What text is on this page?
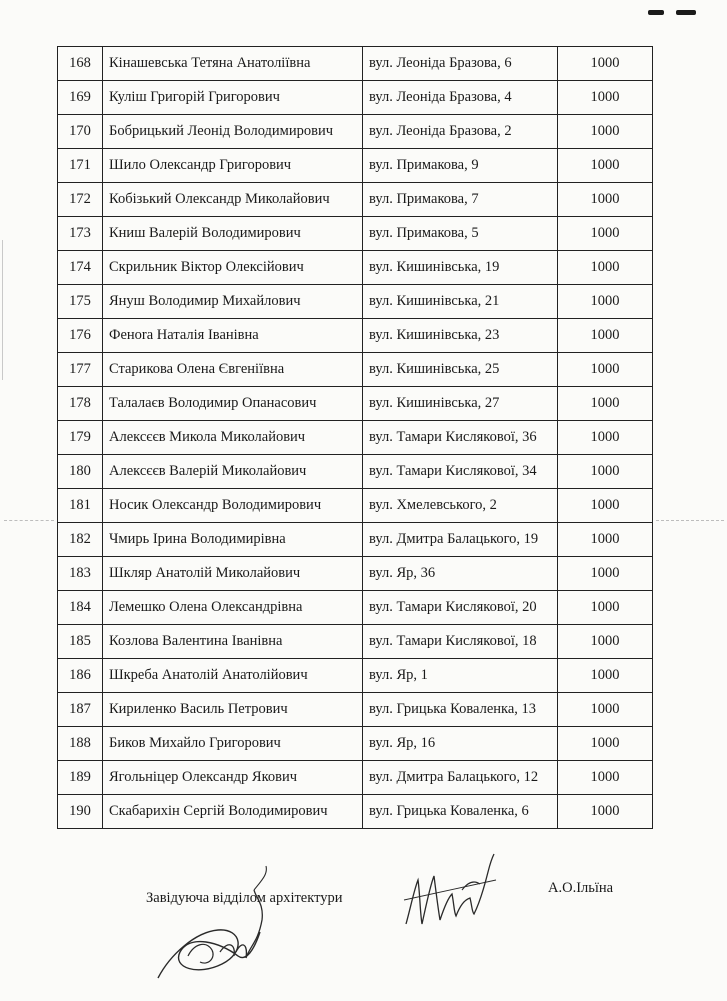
168	Кінашевська Тетяна Анатоліївна	вул. Леоніда Бразова, 6	1000
169	Куліш Григорій Григорович	вул. Леоніда Бразова, 4	1000
170	Бобрицький Леонід Володимирович	вул. Леоніда Бразова, 2	1000
171	Шило Олександр Григорович	вул. Примакова, 9	1000
172	Кобізький Олександр Миколайович	вул. Примакова, 7	1000
173	Книш Валерій Володимирович	вул. Примакова, 5	1000
174	Скрильник Віктор Олексійович	вул. Кишинівська, 19	1000
175	Януш Володимир Михайлович	вул. Кишинівська, 21	1000
176	Феноrа Наталія Іванівна	вул. Кишинівська, 23	1000
177	Старикова Олена Євгеніївна	вул. Кишинівська, 25	1000
178	Талалаєв Володимир Опанасович	вул. Кишинівська, 27	1000
179	Алексєєв Микола Миколайович	вул. Тамари Кислякової, 36	1000
180	Алексєєв Валерій Миколайович	вул. Тамари Кислякової, 34	1000
181	Носик Олександр Володимирович	вул. Хмелевського, 2	1000
182	Чмирь Ірина Володимирівна	вул. Дмитра Балацького, 19	1000
183	Шкляр Анатолій Миколайович	вул. Яр, 36	1000
184	Лемешко Олена Олександрівна	вул. Тамари Кислякової, 20	1000
185	Козлова Валентина Іванівна	вул. Тамари Кислякової, 18	1000
186	Шкреба Анатолій Анатолійович	вул. Яр, 1	1000
187	Кириленко Василь Петрович	вул. Грицька Коваленка, 13	1000
188	Биков Михайло Григорович	вул. Яр, 16	1000
189	Ягольніцер Олександр Якович	вул. Дмитра Балацького, 12	1000
190	Скабарихін Сергій Володимирович	вул. Грицька Коваленка, 6	1000
Завідуюча відділом архітектури
А.О.Ільїна
